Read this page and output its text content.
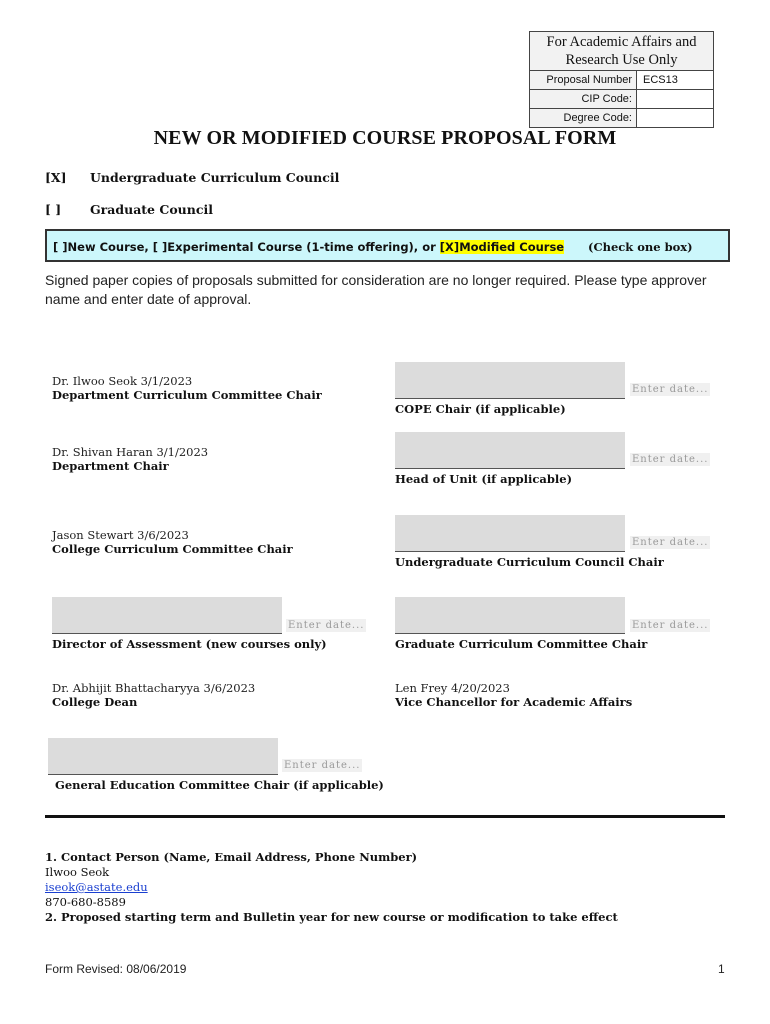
For Academic Affairs and Research Use Only
Proposal Number	ECS13
CIP Code:
Degree Code:
NEW OR MODIFIED COURSE PROPOSAL FORM
[X] Undergraduate Curriculum Council
[ ] Graduate Council
[ ]New Course, [ ]Experimental Course (1-time offering), or [X]Modified Course (Check one box)
Signed paper copies of proposals submitted for consideration are no longer required. Please type approver name and enter date of approval.
Dr. Ilwoo Seok 3/1/2023
Department Curriculum Committee Chair
Dr. Shivan Haran 3/1/2023
Department Chair
Jason Stewart 3/6/2023
College Curriculum Committee Chair
Enter date...
Director of Assessment (new courses only)
Dr. Abhijit Bhattacharyya 3/6/2023
College Dean
Enter date...
General Education Committee Chair (if applicable)
Enter date...
COPE Chair (if applicable)
Enter date...
Head of Unit (if applicable)
Enter date...
Undergraduate Curriculum Council Chair
Enter date...
Graduate Curriculum Committee Chair
Len Frey 4/20/2023
Vice Chancellor for Academic Affairs
1. Contact Person (Name, Email Address, Phone Number)
Ilwoo Seok
iseok@astate.edu
870-680-8589
2. Proposed starting term and Bulletin year for new course or modification to take effect
Form Revised: 08/06/2019	1
